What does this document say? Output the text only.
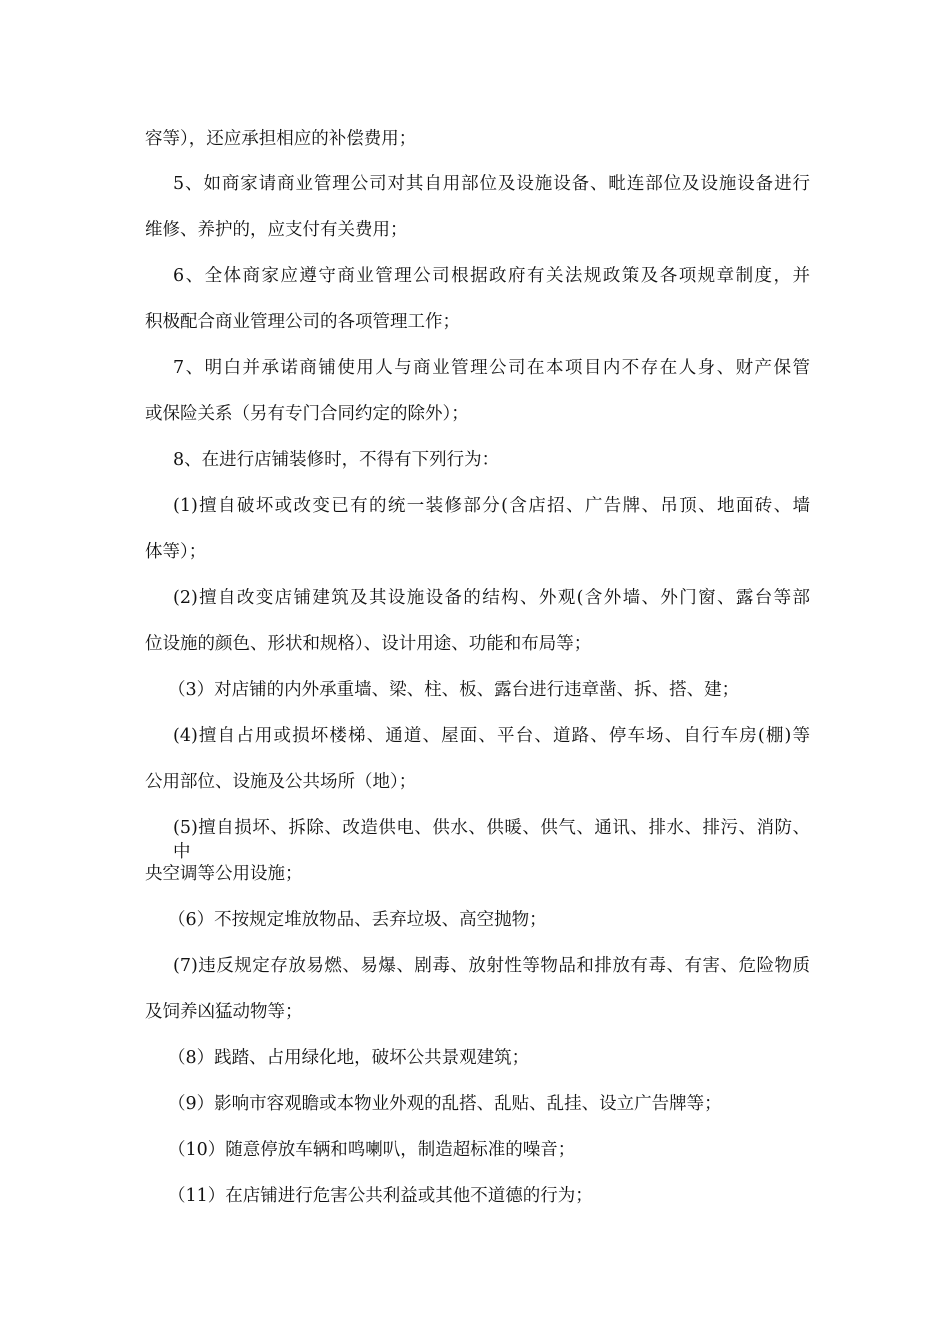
容等），还应承担相应的补偿费用；
5、如商家请商业管理公司对其自用部位及设施设备、毗连部位及设施设备进行
维修、养护的，应支付有关费用；
6、全体商家应遵守商业管理公司根据政府有关法规政策及各项规章制度，并
积极配合商业管理公司的各项管理工作；
7、明白并承诺商铺使用人与商业管理公司在本项目内不存在人身、财产保管
或保险关系（另有专门合同约定的除外）；
8、在进行店铺装修时，不得有下列行为：
(1)擅自破坏或改变已有的统一装修部分(含店招、广告牌、吊顶、地面砖、墙
体等）；
(2)擅自改变店铺建筑及其设施设备的结构、外观(含外墙、外门窗、露台等部
位设施的颜色、形状和规格）、设计用途、功能和布局等；
（3）对店铺的内外承重墙、梁、柱、板、露台进行违章凿、拆、搭、建；
(4)擅自占用或损坏楼梯、通道、屋面、平台、道路、停车场、自行车房(棚)等
公用部位、设施及公共场所（地）；
(5)擅自损坏、拆除、改造供电、供水、供暖、供气、通讯、排水、排污、消防、中
央空调等公用设施；
（6）不按规定堆放物品、丢弃垃圾、高空抛物；
(7)违反规定存放易燃、易爆、剧毒、放射性等物品和排放有毒、有害、危险物质
及饲养凶猛动物等；
（8）践踏、占用绿化地，破坏公共景观建筑；
（9）影响市容观瞻或本物业外观的乱搭、乱贴、乱挂、设立广告牌等；
（10）随意停放车辆和鸣喇叭，制造超标准的噪音；
（11）在店铺进行危害公共利益或其他不道德的行为；
